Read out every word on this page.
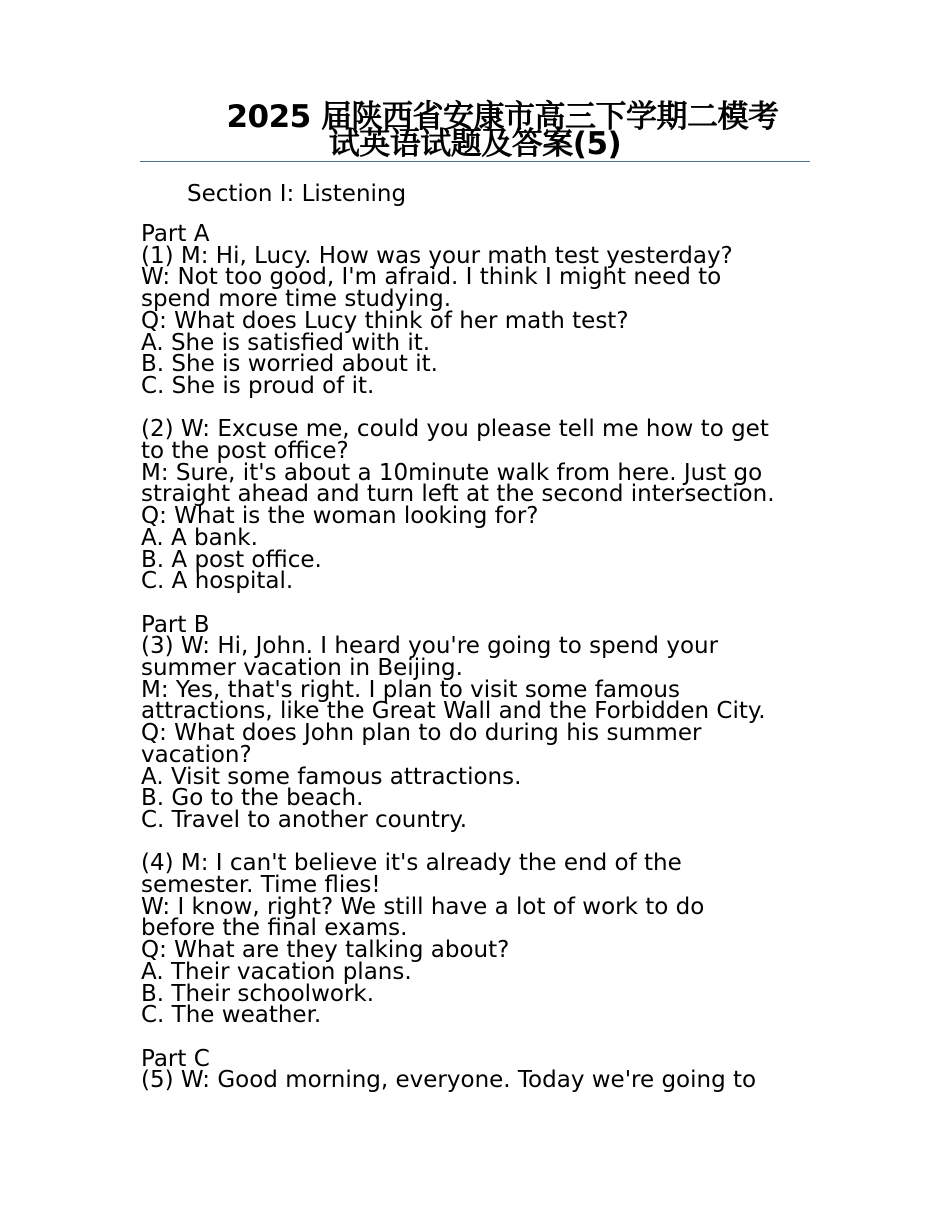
2025 届陕西省安康市高三下学期二模考
试英语试题及答案(5)
Section I: Listening
Part A
(1) M: Hi, Lucy. How was your math test yesterday?
W: Not too good, I'm afraid. I think I might need to
spend more time studying.
Q: What does Lucy think of her math test?
A. She is satisfied with it.
B. She is worried about it.
C. She is proud of it.
(2) W: Excuse me, could you please tell me how to get
to the post office?
M: Sure, it's about a 10minute walk from here. Just go
straight ahead and turn left at the second intersection.
Q: What is the woman looking for?
A. A bank.
B. A post office.
C. A hospital.
Part B
(3) W: Hi, John. I heard you're going to spend your
summer vacation in Beijing.
M: Yes, that's right. I plan to visit some famous
attractions, like the Great Wall and the Forbidden City.
Q: What does John plan to do during his summer
vacation?
A. Visit some famous attractions.
B. Go to the beach.
C. Travel to another country.
(4) M: I can't believe it's already the end of the
semester. Time flies!
W: I know, right? We still have a lot of work to do
before the final exams.
Q: What are they talking about?
A. Their vacation plans.
B. Their schoolwork.
C. The weather.
Part C
(5) W: Good morning, everyone. Today we're going to
